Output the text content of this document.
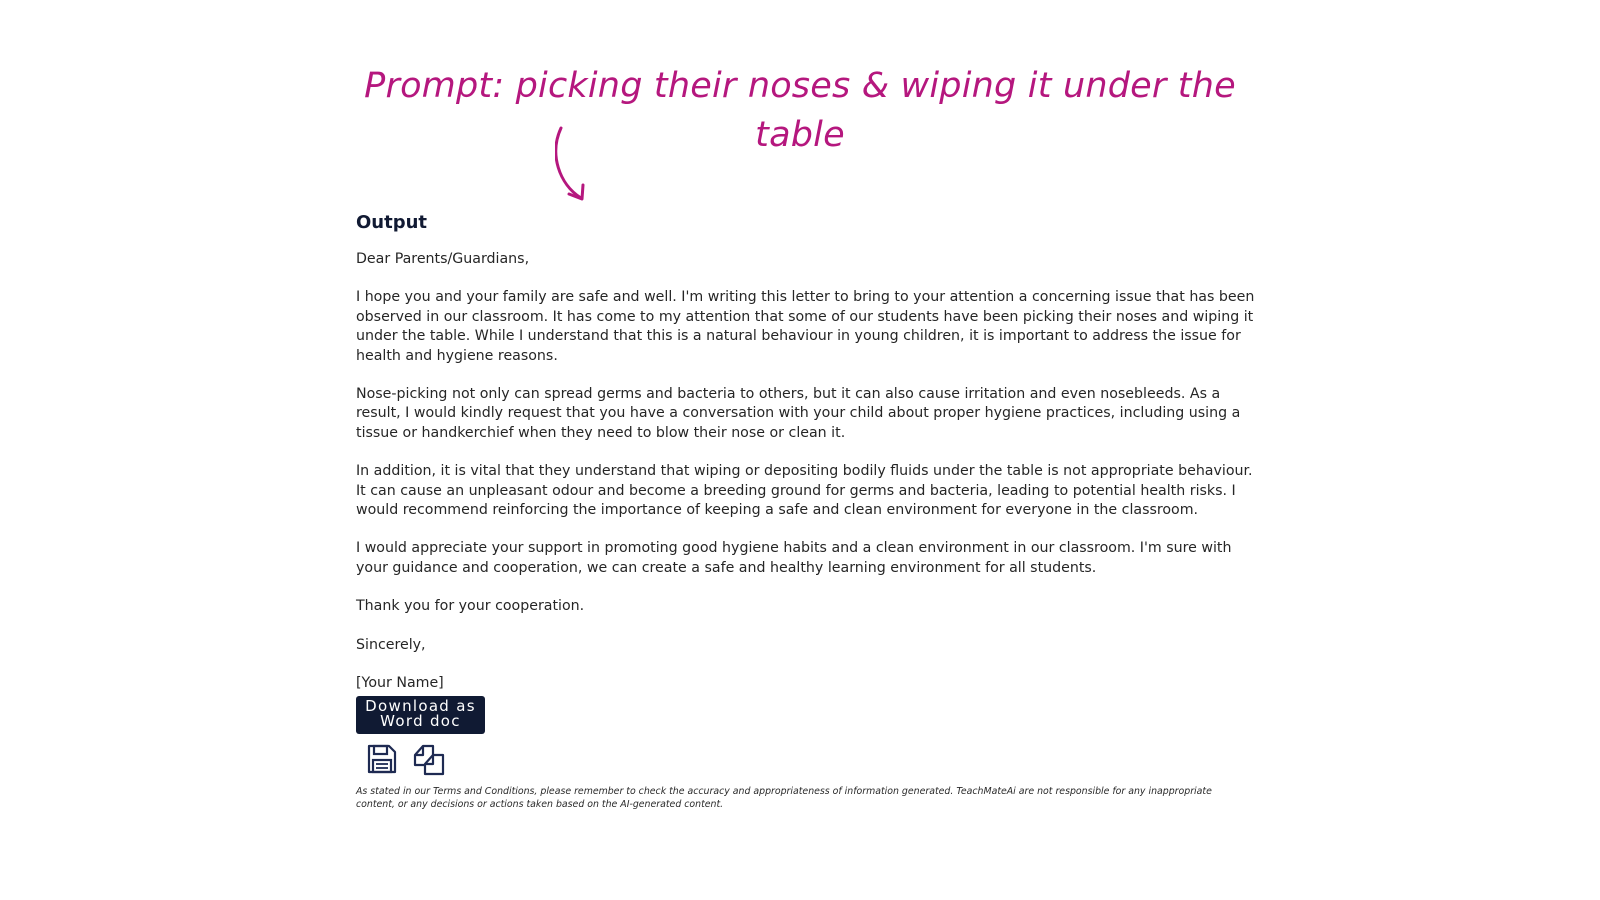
Prompt: picking their noses & wiping it under the table
Output

Dear Parents/Guardians,

I hope you and your family are safe and well. I'm writing this letter to bring to your attention a concerning issue that has been observed in our classroom. It has come to my attention that some of our students have been picking their noses and wiping it under the table. While I understand that this is a natural behaviour in young children, it is important to address the issue for health and hygiene reasons.

Nose-picking not only can spread germs and bacteria to others, but it can also cause irritation and even nosebleeds. As a result, I would kindly request that you have a conversation with your child about proper hygiene practices, including using a tissue or handkerchief when they need to blow their nose or clean it.

In addition, it is vital that they understand that wiping or depositing bodily fluids under the table is not appropriate behaviour. It can cause an unpleasant odour and become a breeding ground for germs and bacteria, leading to potential health risks. I would recommend reinforcing the importance of keeping a safe and clean environment for everyone in the classroom.

I would appreciate your support in promoting good hygiene habits and a clean environment in our classroom. I'm sure with your guidance and cooperation, we can create a safe and healthy learning environment for all students.

Thank you for your cooperation.

Sincerely,

[Your Name]

Download as
Word doc
As stated in our Terms and Conditions, please remember to check the accuracy and appropriateness of information generated. TeachMateAi are not responsible for any inappropriate content, or any decisions or actions taken based on the AI-generated content.
